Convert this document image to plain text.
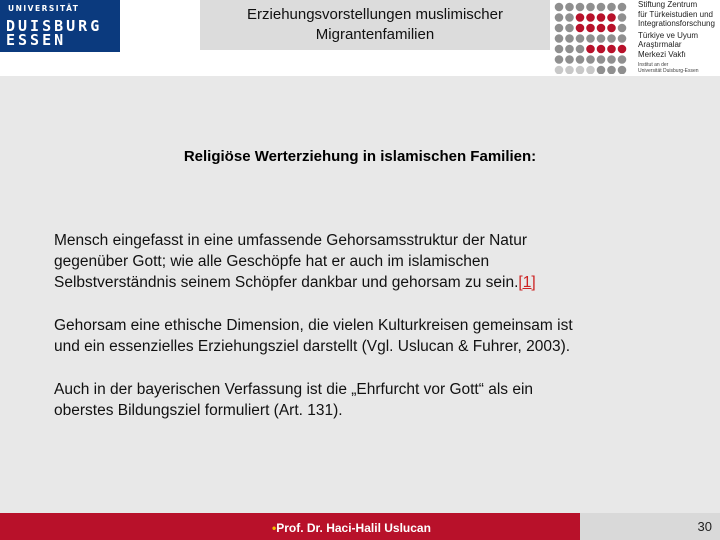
UNIVERSITÄT
DUISBURG
ESSEN
Erziehungsvorstellungen muslimischer
Migrantenfamilien
Stiftung Zentrum
für Türkeistudien und
Integrationsforschung
Türkiye ve Uyum
Araştırmalar
Merkezi Vakfı
Institut an der
Universität Duisburg-Essen
Religiöse Werterziehung in islamischen Familien:
Mensch eingefasst in eine umfassende Gehorsamsstruktur der Natur
gegenüber Gott; wie alle Geschöpfe hat er auch im islamischen
Selbstverständnis seinem Schöpfer dankbar und gehorsam zu sein.[1]
Gehorsam eine ethische Dimension, die vielen Kulturkreisen gemeinsam ist
und ein essenzielles Erziehungsziel darstellt (Vgl. Uslucan & Fuhrer, 2003).
Auch in der bayerischen Verfassung ist die „Ehrfurcht vor Gott“ als ein
oberstes Bildungsziel formuliert (Art. 131).
•Prof. Dr. Haci-Halil Uslucan	30
